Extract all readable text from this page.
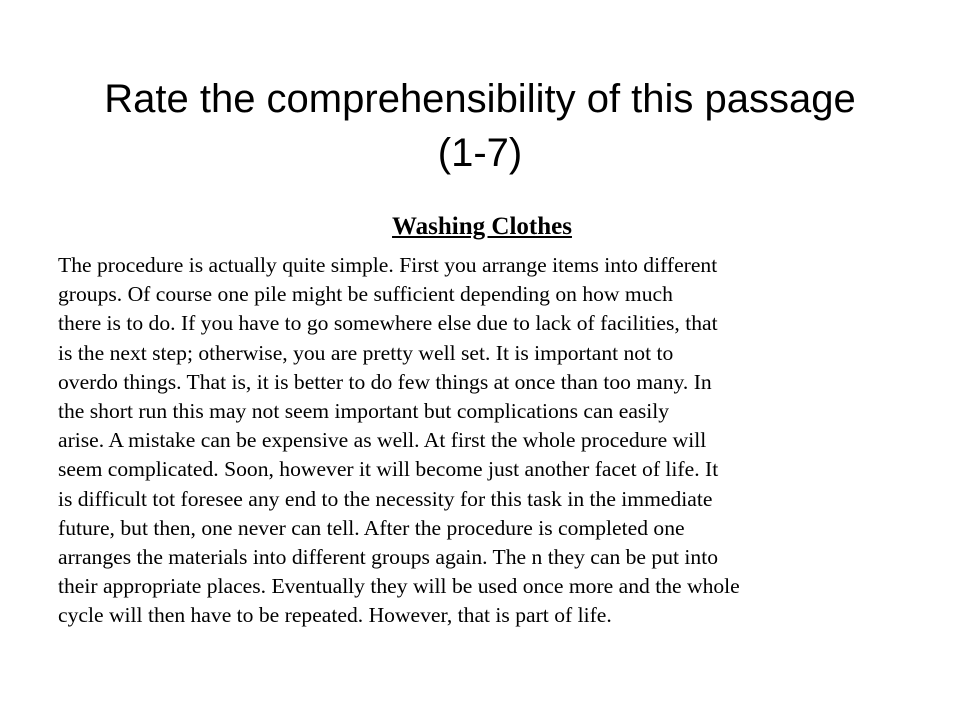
Rate the comprehensibility of this passage
(1-7)
Washing Clothes
The procedure is actually quite simple. First you arrange items into different
groups. Of course one pile might be sufficient depending on how much
there is to do. If you have to go somewhere else due to lack of facilities, that
is the next step; otherwise, you are pretty well set. It is important not to
overdo things. That is, it is better to do few things at once than too many. In
the short run this may not seem important but complications can easily
arise. A mistake can be expensive as well. At first the whole procedure will
seem complicated. Soon, however it will become just another facet of life. It
is difficult tot foresee any end to the necessity for this task in the immediate
future, but then, one never can tell. After the procedure is completed one
arranges the materials into different groups again. The n they can be put into
their appropriate places. Eventually they will be used once more and the whole
cycle will then have to be repeated. However, that is part of life.
